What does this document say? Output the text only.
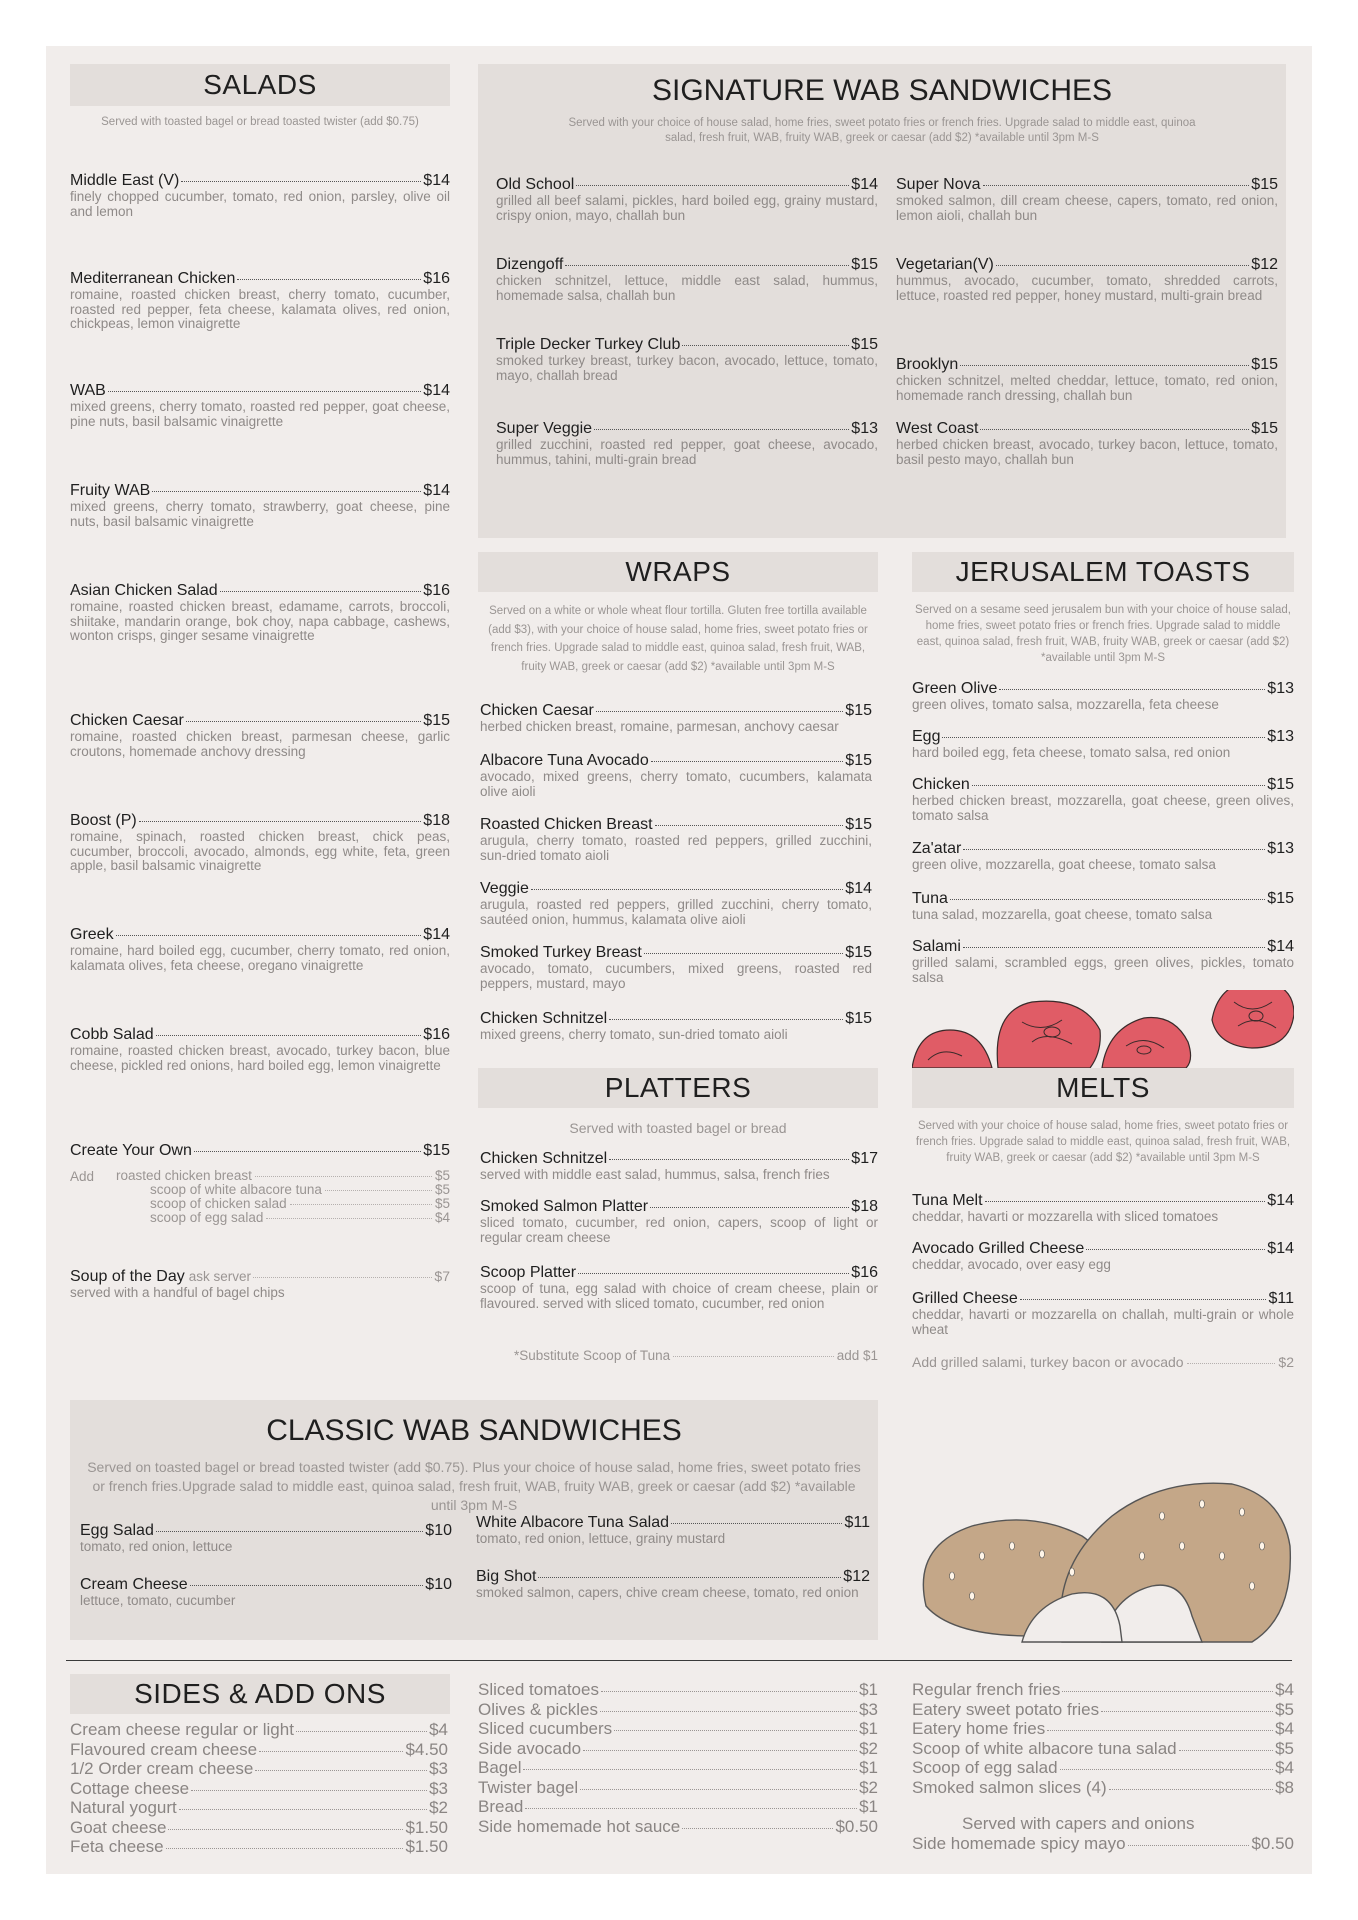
SALADS
Served with toasted bagel or bread toasted twister (add $0.75)
Middle East (V)	$14
finely chopped cucumber, tomato, red onion, parsley, olive oil and lemon
Mediterranean Chicken	$16
romaine, roasted chicken breast, cherry tomato, cucumber, roasted red pepper, feta cheese, kalamata olives, red onion, chickpeas, lemon vinaigrette
WAB	$14
mixed greens, cherry tomato, roasted red pepper, goat cheese, pine nuts, basil balsamic vinaigrette
Fruity WAB	$14
mixed greens, cherry tomato, strawberry, goat cheese, pine nuts, basil balsamic vinaigrette
Asian Chicken Salad	$16
romaine, roasted chicken breast, edamame, carrots, broccoli, shiitake, mandarin orange, bok choy, napa cabbage, cashews, wonton crisps, ginger sesame vinaigrette
Chicken Caesar	$15
romaine, roasted chicken breast, parmesan cheese, garlic croutons, homemade anchovy dressing
Boost (P)	$18
romaine, spinach, roasted chicken breast, chick peas, cucumber, broccoli, avocado, almonds, egg white, feta, green apple, basil balsamic vinaigrette
Greek	$14
romaine, hard boiled egg, cucumber, cherry tomato, red onion, kalamata olives, feta cheese, oregano vinaigrette
Cobb Salad	$16
romaine, roasted chicken breast, avocado, turkey bacon, blue cheese, pickled red onions, hard boiled egg, lemon vinaigrette
Create Your Own	$15
Add roasted chicken breast	$5
scoop of white albacore tuna	$5
scoop of chicken salad	$5
scoop of egg salad	$4
Soup of the Day ask server	$7
served with a handful of bagel chips
SIGNATURE WAB SANDWICHES
Served with your choice of house salad, home fries, sweet potato fries or french fries. Upgrade salad to middle east, quinoa salad, fresh fruit, WAB, fruity WAB, greek or caesar (add $2) *available until 3pm M-S
Old School	$14
grilled all beef salami, pickles, hard boiled egg, grainy mustard, crispy onion, mayo, challah bun
Dizengoff	$15
chicken schnitzel, lettuce, middle east salad, hummus, homemade salsa, challah bun
Triple Decker Turkey Club	$15
smoked turkey breast, turkey bacon, avocado, lettuce, tomato, mayo, challah bread
Super Veggie	$13
grilled zucchini, roasted red pepper, goat cheese, avocado, hummus, tahini, multi-grain bread
Super Nova	$15
smoked salmon, dill cream cheese, capers, tomato, red onion, lemon aioli, challah bun
Vegetarian(V)	$12
hummus, avocado, cucumber, tomato, shredded carrots, lettuce, roasted red pepper, honey mustard, multi-grain bread
Brooklyn	$15
chicken schnitzel, melted cheddar, lettuce, tomato, red onion, homemade ranch dressing, challah bun
West Coast	$15
herbed chicken breast, avocado, turkey bacon, lettuce, tomato, basil pesto mayo, challah bun
WRAPS
Served on a white or whole wheat flour tortilla. Gluten free tortilla available (add $3), with your choice of house salad, home fries, sweet potato fries or french fries. Upgrade salad to middle east, quinoa salad, fresh fruit, WAB, fruity WAB, greek or caesar (add $2) *available until 3pm M-S
Chicken Caesar	$15
herbed chicken breast, romaine, parmesan, anchovy caesar
Albacore Tuna Avocado	$15
avocado, mixed greens, cherry tomato, cucumbers, kalamata olive aioli
Roasted Chicken Breast	$15
arugula, cherry tomato, roasted red peppers, grilled zucchini, sun-dried tomato aioli
Veggie	$14
arugula, roasted red peppers, grilled zucchini, cherry tomato, sautéed onion, hummus, kalamata olive aioli
Smoked Turkey Breast	$15
avocado, tomato, cucumbers, mixed greens, roasted red peppers, mustard, mayo
Chicken Schnitzel	$15
mixed greens, cherry tomato, sun-dried tomato aioli
JERUSALEM TOASTS
Served on a sesame seed jerusalem bun with your choice of house salad, home fries, sweet potato fries or french fries. Upgrade salad to middle east, quinoa salad, fresh fruit, WAB, fruity WAB, greek or caesar (add $2) *available until 3pm M-S
Green Olive	$13
green olives, tomato salsa, mozzarella, feta cheese
Egg	$13
hard boiled egg, feta cheese, tomato salsa, red onion
Chicken	$15
herbed chicken breast, mozzarella, goat cheese, green olives, tomato salsa
Za'atar	$13
green olive, mozzarella, goat cheese, tomato salsa
Tuna	$15
tuna salad, mozzarella, goat cheese, tomato salsa
Salami	$14
grilled salami, scrambled eggs, green olives, pickles, tomato salsa
PLATTERS
Served with toasted bagel or bread
Chicken Schnitzel	$17
served with middle east salad, hummus, salsa, french fries
Smoked Salmon Platter	$18
sliced tomato, cucumber, red onion, capers, scoop of light or regular cream cheese
Scoop Platter	$16
scoop of tuna, egg salad with choice of cream cheese, plain or flavoured. served with sliced tomato, cucumber, red onion
*Substitute Scoop of Tuna	add $1
MELTS
Served with your choice of house salad, home fries, sweet potato fries or french fries. Upgrade salad to middle east, quinoa salad, fresh fruit, WAB, fruity WAB, greek or caesar (add $2) *available until 3pm M-S
Tuna Melt	$14
cheddar, havarti or mozzarella with sliced tomatoes
Avocado Grilled Cheese	$14
cheddar, avocado, over easy egg
Grilled Cheese	$11
cheddar, havarti or mozzarella on challah, multi-grain or whole wheat
Add grilled salami, turkey bacon or avocado	$2
CLASSIC WAB SANDWICHES
Served on toasted bagel or bread toasted twister (add $0.75). Plus your choice of house salad, home fries, sweet potato fries or french fries.Upgrade salad to middle east, quinoa salad, fresh fruit, WAB, fruity WAB, greek or caesar (add $2) *available until 3pm M-S
Egg Salad	$10
tomato, red onion, lettuce
Cream Cheese	$10
lettuce, tomato, cucumber
White Albacore Tuna Salad	$11
tomato, red onion, lettuce, grainy mustard
Big Shot	$12
smoked salmon, capers, chive cream cheese, tomato, red onion
SIDES & ADD ONS
Cream cheese regular or light	$4
Flavoured cream cheese	$4.50
1/2 Order cream cheese	$3
Cottage cheese	$3
Natural yogurt	$2
Goat cheese	$1.50
Feta cheese	$1.50
Sliced tomatoes	$1
Olives & pickles	$3
Sliced cucumbers	$1
Side avocado	$2
Bagel	$1
Twister bagel	$2
Bread	$1
Side homemade hot sauce	$0.50
Regular french fries	$4
Eatery sweet potato fries	$5
Eatery home fries	$4
Scoop of white albacore tuna salad	$5
Scoop of egg salad	$4
Smoked salmon slices (4)	$8
Served with capers and onions
Side homemade spicy mayo	$0.50
